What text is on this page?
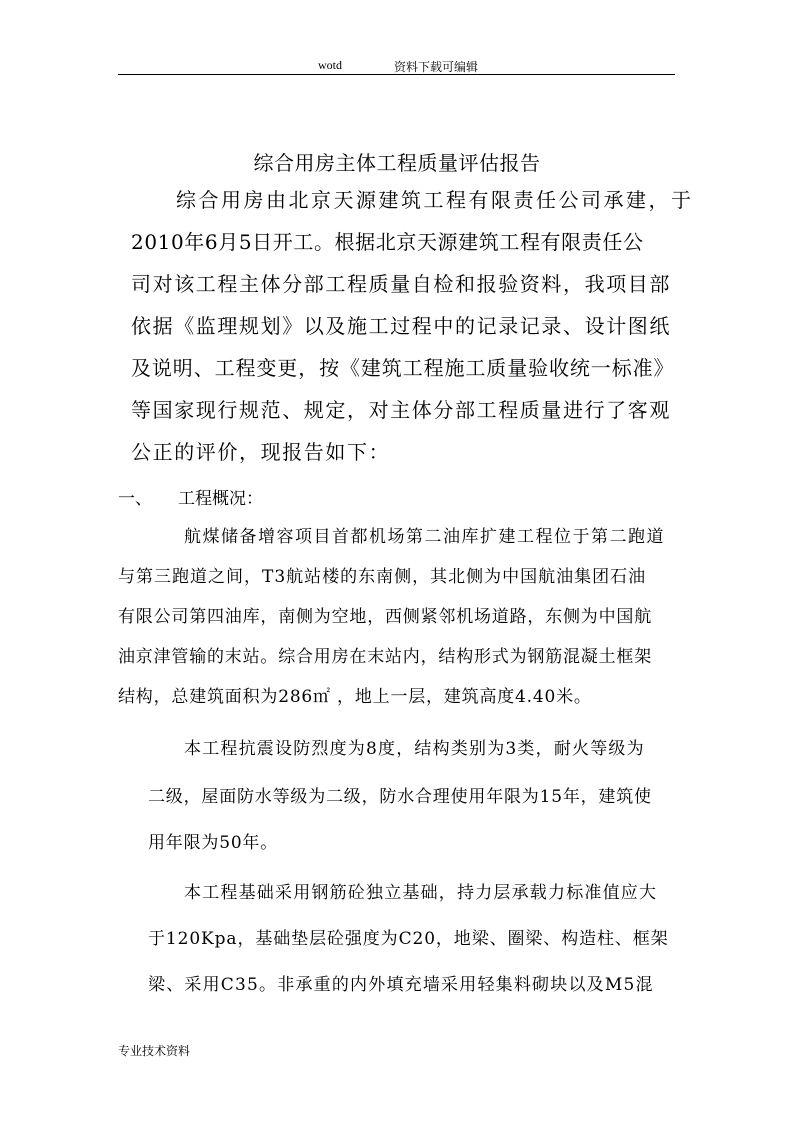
wotd	资料下载可编辑
综合用房主体工程质量评估报告

综合用房由北京天源建筑工程有限责任公司承建，于

2010年6月5日开工。根据北京天源建筑工程有限责任公

司对该工程主体分部工程质量自检和报验资料，我项目部

依据《监理规划》以及施工过程中的记录记录、设计图纸

及说明、工程变更，按《建筑工程施工质量验收统一标准》

等国家现行规范、规定，对主体分部工程质量进行了客观

公正的评价，现报告如下：

一、 工程概况：

航煤储备增容项目首都机场第二油库扩建工程位于第二跑道

与第三跑道之间，T3航站楼的东南侧，其北侧为中国航油集团石油

有限公司第四油库，南侧为空地，西侧紧邻机场道路，东侧为中国航

油京津管输的末站。综合用房在末站内，结构形式为钢筋混凝土框架

结构，总建筑面积为286㎡ ，地上一层，建筑高度4.40米。

本工程抗震设防烈度为8度，结构类别为3类，耐火等级为

二级，屋面防水等级为二级，防水合理使用年限为15年，建筑使

用年限为50年。

本工程基础采用钢筋砼独立基础，持力层承载力标准值应大

于120Kpa，基础垫层砼强度为C20，地梁、圈梁、构造柱、框架

梁、采用C35。非承重的内外填充墙采用轻集料砌块以及M5混

专业技术资料
